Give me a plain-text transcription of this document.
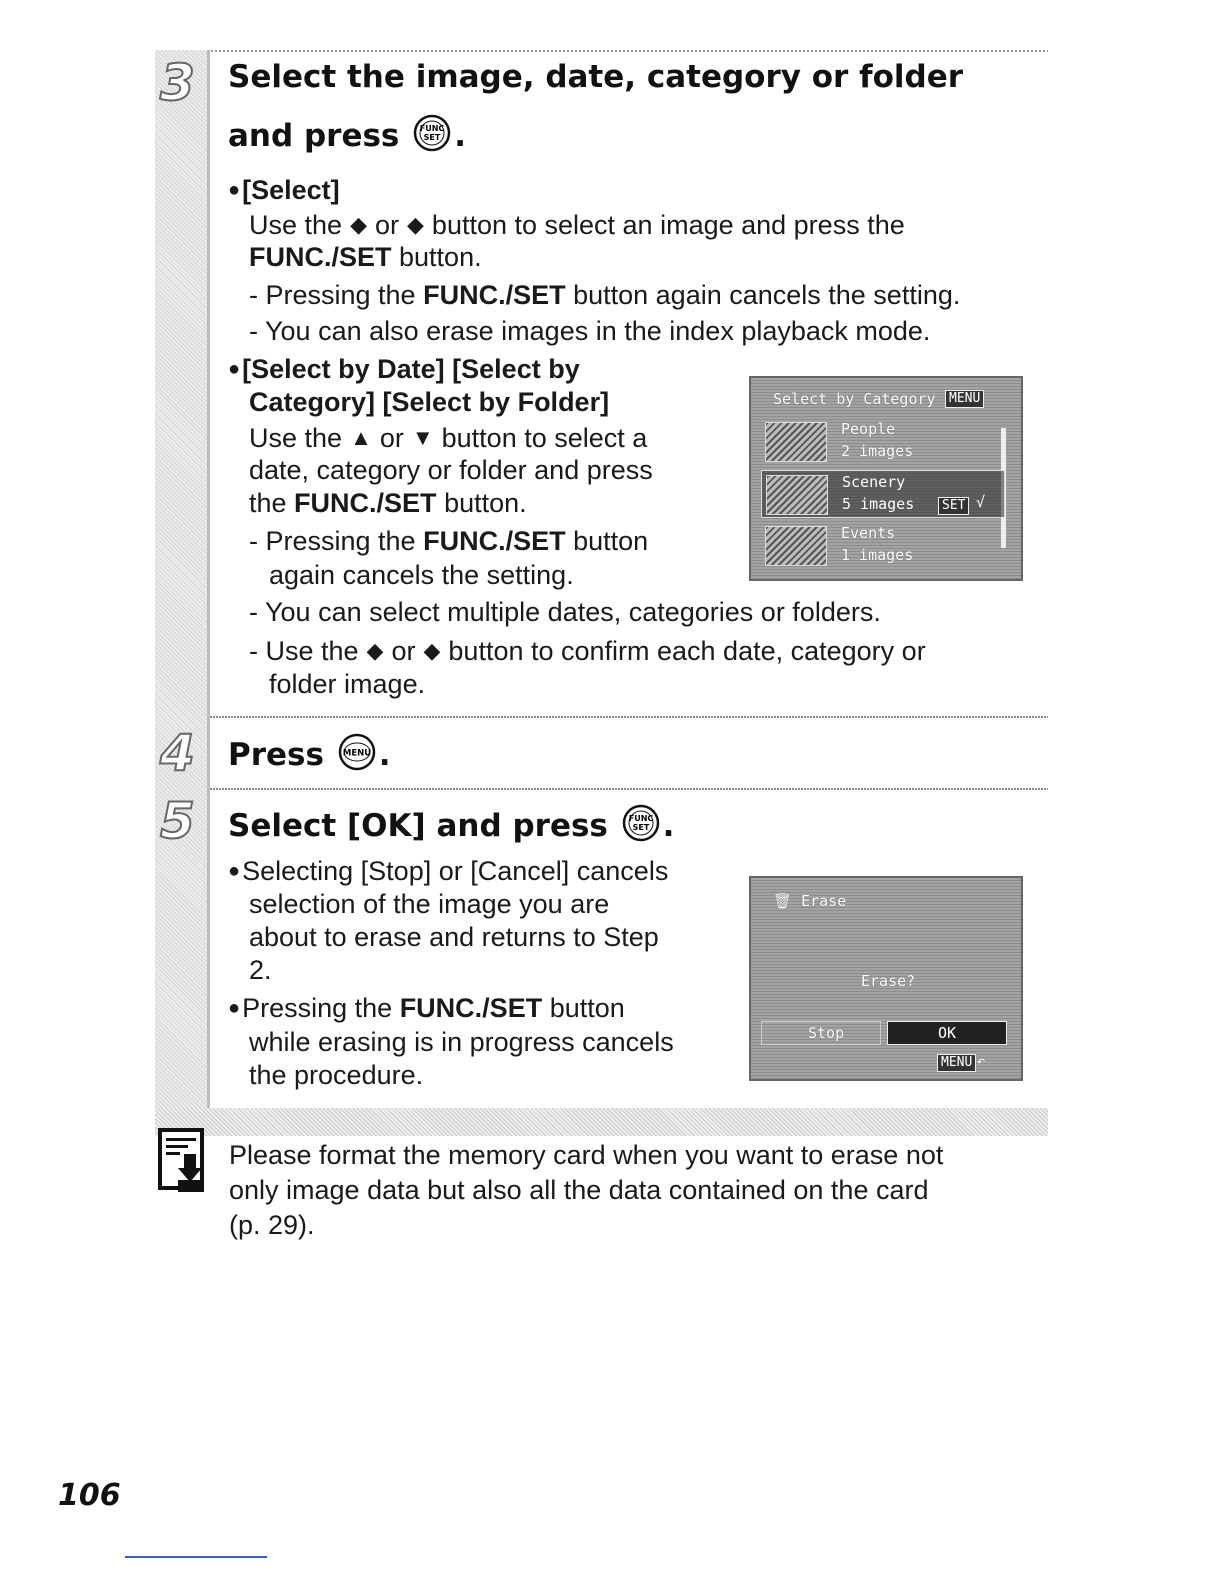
3 Select the image, date, category or folder
and press	FUNC
SET .
●[Select]
Use the ◆ or ◆ button to select an image and press the
FUNC./SET button.
- Pressing the FUNC./SET button again cancels the setting.
- You can also erase images in the index playback mode.
●[Select by Date] [Select by
Category] [Select by Folder]
Use the ▲ or ▼ button to select a
date, category or folder and press
the FUNC./SET button.
- Pressing the FUNC./SET button
again cancels the setting.
- You can select multiple dates, categories or folders.
- Use the ◆ or ◆ button to confirm each date, category or
folder image.
Select by Category	MENU
People
2 images
Scenery
5 images	SET √
Events
1 images
4 Press MENU .
5 Select [OK] and press	FUNC
SET .
●Selecting [Stop] or [Cancel] cancels
selection of the image you are
about to erase and returns to Step
2.
●Pressing the FUNC./SET button
while erasing is in progress cancels
the procedure.
🗑 Erase
Erase?
Stop	OK
MENU ↶
Please format the memory card when you want to erase not
only image data but also all the data contained on the card
(p. 29).
106
